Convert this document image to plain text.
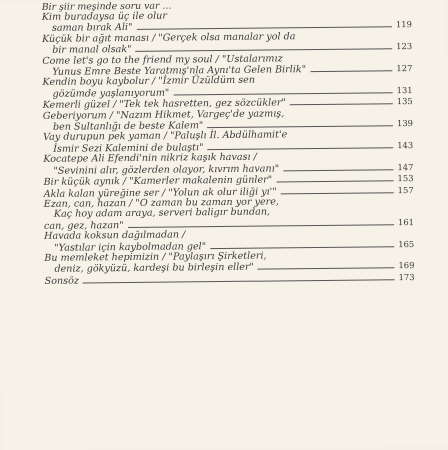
Bir şiir meşinde soru var ...
Kim buradaysa üç ile olur
saman bırak Ali"	119
Küçük bir ağıt manası / "Gerçek olsa manalar yol da
bir manal olsak"	123
Come let's go to the friend my soul / "Ustalarımız
Yunus Emre Beste Yaratmış'nla Aynı'ta Gelen Birlik"	127
Kendin boyu kaybolur / "İzmir Üzüldüm sen
gözümde yaşlanıyorum"	131
Kemerli güzel / "Tek tek hasretten, gez sözcükler"	135
Geberiyorum / "Nazım Hikmet, Vargeç'de yazmış,
ben Sultanlığı de beste Kalem"	139
Vay durupun pek yaman / "Paluşlı İl. Abdülhamit'e
İsmir Sezi Kalemini de bulaştı"	143
Kocatepe Ali Efendi'nin nikriz kaşık havası /
"Sevinini alır, gözlerden olayor, kıvrım havanı"	147
Bir küçük aynık / "Kamerler makalenin günler"	153
Akla kalan yüreğine ser / "Yolun ak olur iliği yı'"	157
Ezan, can, hazan / "O zaman bu zaman yor yere,
Kaç hoy adam araya, serveri baligır bundan,
can, gez, hazan"	161
Havada koksun dağılmadan /
"Yastılar için kaybolmadan gel"	165
Bu memleket hepimizin / "Paylaşırı Şirketleri,
deniz, gökyüzü, kardeşi bu birleşin eller"	169
Sonsöz	173
